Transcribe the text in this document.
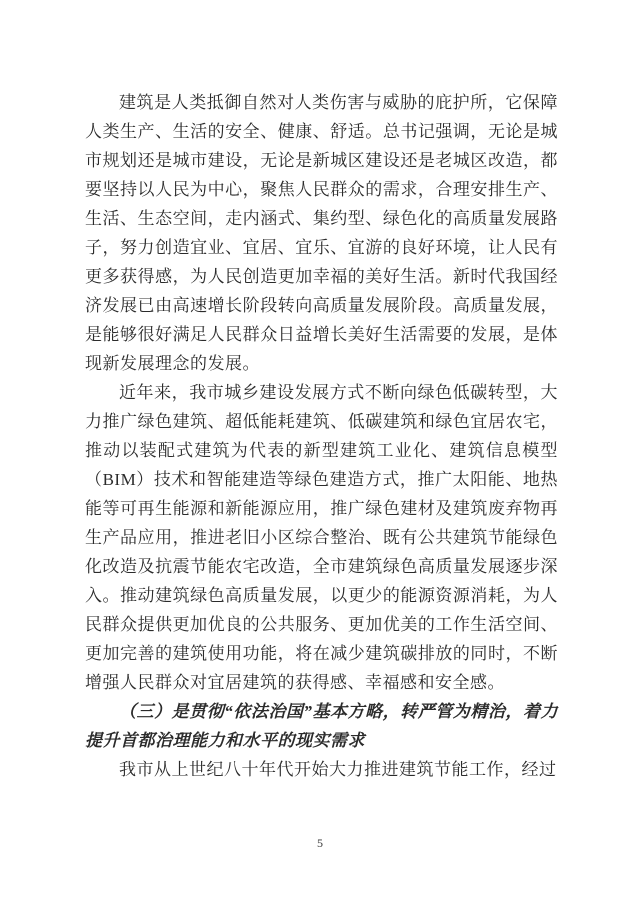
建筑是人类抵御自然对人类伤害与威胁的庇护所，它保障人类生产、生活的安全、健康、舒适。总书记强调，无论是城市规划还是城市建设，无论是新城区建设还是老城区改造，都要坚持以人民为中心，聚焦人民群众的需求，合理安排生产、生活、生态空间，走内涵式、集约型、绿色化的高质量发展路子，努力创造宜业、宜居、宜乐、宜游的良好环境，让人民有更多获得感，为人民创造更加幸福的美好生活。新时代我国经济发展已由高速增长阶段转向高质量发展阶段。高质量发展，是能够很好满足人民群众日益增长美好生活需要的发展，是体现新发展理念的发展。

近年来，我市城乡建设发展方式不断向绿色低碳转型，大力推广绿色建筑、超低能耗建筑、低碳建筑和绿色宜居农宅，推动以装配式建筑为代表的新型建筑工业化、建筑信息模型（BIM）技术和智能建造等绿色建造方式，推广太阳能、地热能等可再生能源和新能源应用，推广绿色建材及建筑废弃物再生产品应用，推进老旧小区综合整治、既有公共建筑节能绿色化改造及抗震节能农宅改造，全市建筑绿色高质量发展逐步深入。推动建筑绿色高质量发展，以更少的能源资源消耗，为人民群众提供更加优良的公共服务、更加优美的工作生活空间、更加完善的建筑使用功能，将在减少建筑碳排放的同时，不断增强人民群众对宜居建筑的获得感、幸福感和安全感。

（三）是贯彻“依法治国”基本方略，转严管为精治，着力提升首都治理能力和水平的现实需求

我市从上世纪八十年代开始大力推进建筑节能工作，经过

5
